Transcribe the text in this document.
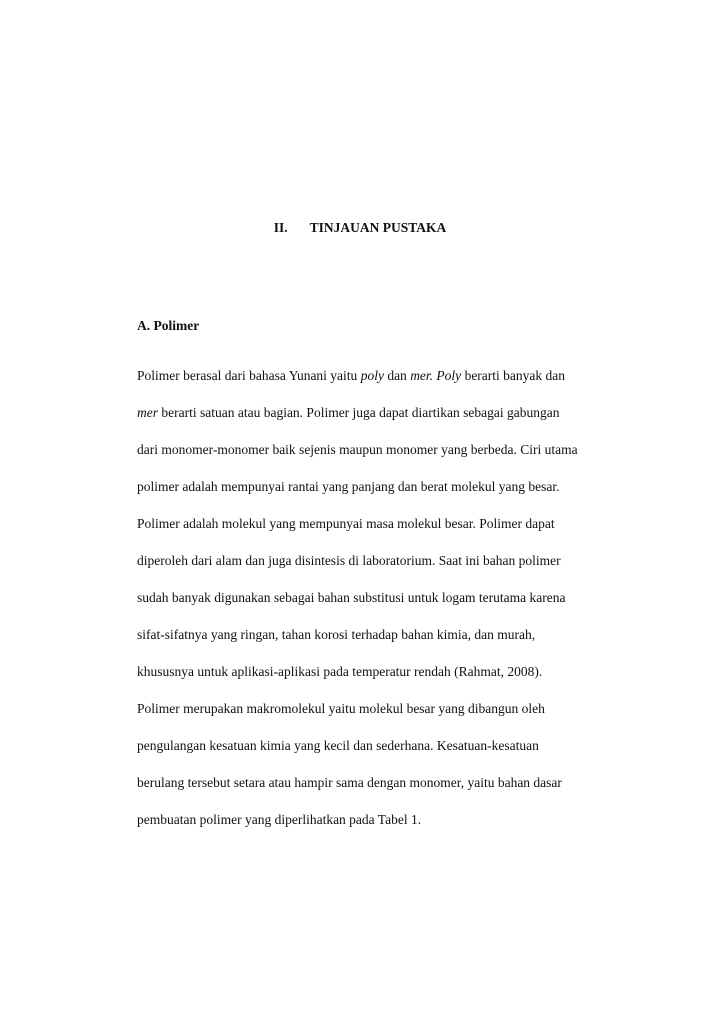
II. TINJAUAN PUSTAKA
A. Polimer
Polimer berasal dari bahasa Yunani yaitu poly dan mer. Poly berarti banyak dan
mer berarti satuan atau bagian. Polimer juga dapat diartikan sebagai gabungan
dari monomer-monomer baik sejenis maupun monomer yang berbeda. Ciri utama
polimer adalah mempunyai rantai yang panjang dan berat molekul yang besar.
Polimer adalah molekul yang mempunyai masa molekul besar. Polimer dapat
diperoleh dari alam dan juga disintesis di laboratorium. Saat ini bahan polimer
sudah banyak digunakan sebagai bahan substitusi untuk logam terutama karena
sifat-sifatnya yang ringan, tahan korosi terhadap bahan kimia, dan murah,
khususnya untuk aplikasi-aplikasi pada temperatur rendah (Rahmat, 2008).
Polimer merupakan makromolekul yaitu molekul besar yang dibangun oleh
pengulangan kesatuan kimia yang kecil dan sederhana. Kesatuan-kesatuan
berulang tersebut setara atau hampir sama dengan monomer, yaitu bahan dasar
pembuatan polimer yang diperlihatkan pada Tabel 1.
